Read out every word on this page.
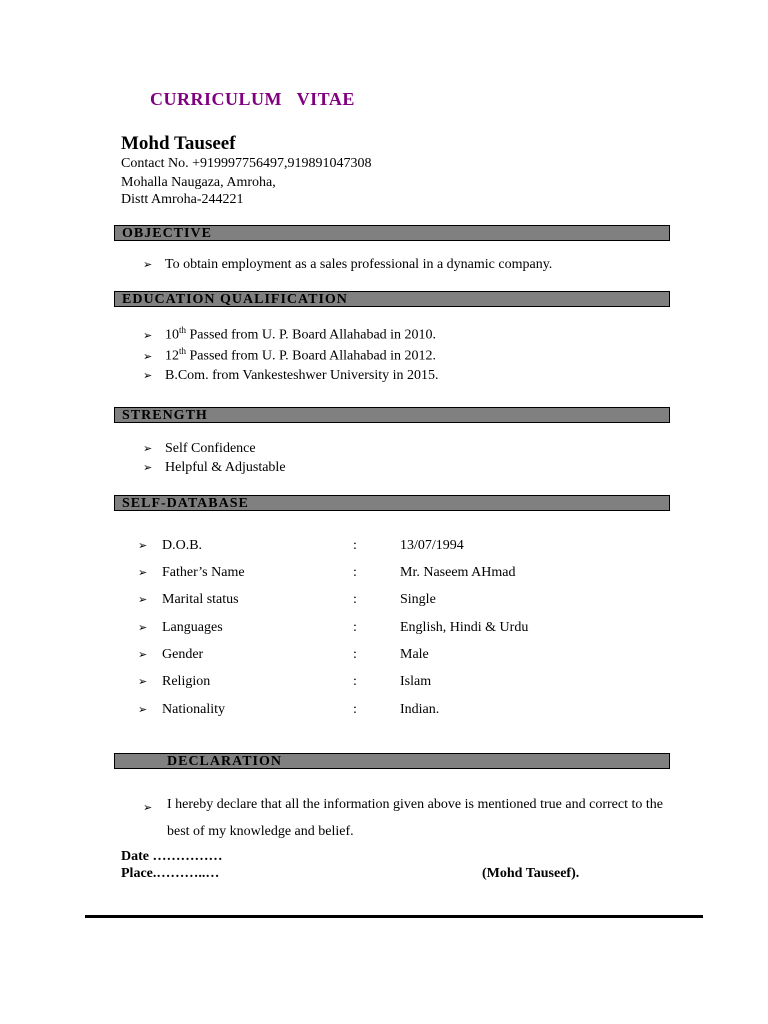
CURRICULUM VITAE
Mohd Tauseef
Contact No. +919997756497,919891047308
Mohalla Naugaza, Amroha,
Distt Amroha-244221
OBJECTIVE
➢ To obtain employment as a sales professional in a dynamic company.
EDUCATION QUALIFICATION
➢ 10th Passed from U. P. Board Allahabad in 2010.
➢ 12th Passed from U. P. Board Allahabad in 2012.
➢ B.Com. from Vankesteshwer University in 2015.
STRENGTH
➢ Self Confidence
➢ Helpful & Adjustable
SELF-DATABASE
➢ D.O.B.	:	13/07/1994
➢ Father’s Name	:	Mr. Naseem AHmad
➢ Marital status	:	Single
➢ Languages	:	English, Hindi & Urdu
➢ Gender	:	Male
➢ Religion	:	Islam
➢ Nationality	:	Indian.
DECLARATION
➢ I hereby declare that all the information given above is mentioned true and correct to the best of my knowledge and belief.
Date ……………
Place.………..…	(Mohd Tauseef).
